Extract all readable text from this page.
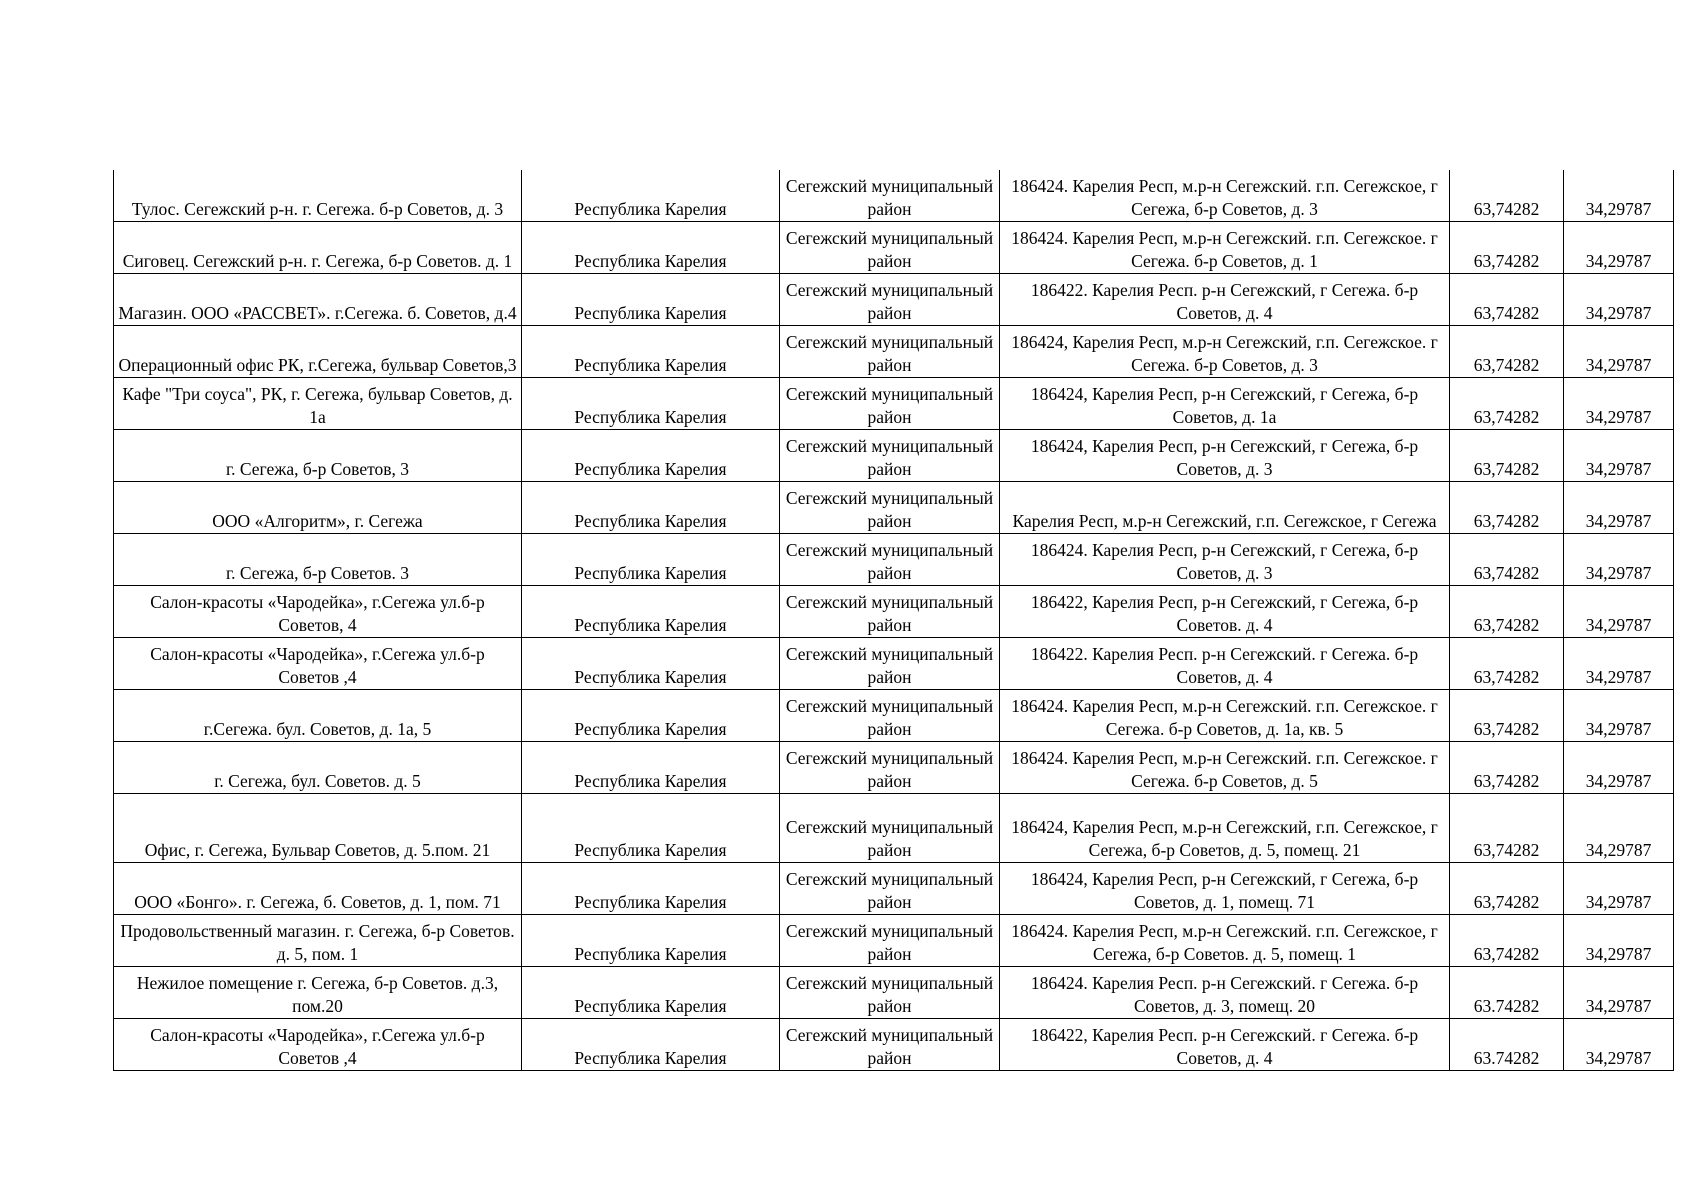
Тулос. Сегежский р-н. г. Сегежа. б-р Советов, д. 3	Республика Карелия	Сегежский муниципальный район	186424. Карелия Респ, м.р-н Сегежский. г.п. Сегежское, г Сегежа, б-р Советов, д. 3	63,74282	34,29787
Сиговец. Сегежский р-н. г. Сегежа, б-р Советов. д. 1	Республика Карелия	Сегежский муниципальный район	186424. Карелия Респ, м.р-н Сегежский. г.п. Сегежское. г Сегежа. б-р Советов, д. 1	63,74282	34,29787
Магазин. ООО «РАССВЕТ». г.Сегежа. б. Советов, д.4	Республика Карелия	Сегежский муниципальный район	186422. Карелия Респ. р-н Сегежский, г Сегежа. б-р Советов, д. 4	63,74282	34,29787
Операционный офис РК, г.Сегежа, бульвар Советов,3	Республика Карелия	Сегежский муниципальный район	186424, Карелия Респ, м.р-н Сегежский, г.п. Сегежское. г Сегежа. б-р Советов, д. 3	63,74282	34,29787
Кафе "Три соуса", РК, г. Сегежа, бульвар Советов, д. 1а	Республика Карелия	Сегежский муниципальный район	186424, Карелия Респ, р-н Сегежский, г Сегежа, б-р Советов, д. 1а	63,74282	34,29787
г. Сегежа, б-р Советов, 3	Республика Карелия	Сегежский муниципальный район	186424, Карелия Респ, р-н Сегежский, г Сегежа, б-р Советов, д. 3	63,74282	34,29787
ООО «Алгоритм», г. Сегежа	Республика Карелия	Сегежский муниципальный район	Карелия Респ, м.р-н Сегежский, г.п. Сегежское, г Сегежа	63,74282	34,29787
г. Сегежа, б-р Советов. 3	Республика Карелия	Сегежский муниципальный район	186424. Карелия Респ, р-н Сегежский, г Сегежа, б-р Советов, д. 3	63,74282	34,29787
Салон-красоты «Чародейка», г.Сегежа ул.б-р Советов, 4	Республика Карелия	Сегежский муниципальный район	186422, Карелия Респ, р-н Сегежский, г Сегежа, б-р Советов. д. 4	63,74282	34,29787
Салон-красоты «Чародейка», г.Сегежа ул.б-р Советов ,4	Республика Карелия	Сегежский муниципальный район	186422. Карелия Респ. р-н Сегежский. г Сегежа. б-р Советов, д. 4	63,74282	34,29787
г.Сегежа. бул. Советов, д. 1а, 5	Республика Карелия	Сегежский муниципальный район	186424. Карелия Респ, м.р-н Сегежский. г.п. Сегежское. г Сегежа. б-р Советов, д. 1а, кв. 5	63,74282	34,29787
г. Сегежа, бул. Советов. д. 5	Республика Карелия	Сегежский муниципальный район	186424. Карелия Респ, м.р-н Сегежский. г.п. Сегежское. г Сегежа. б-р Советов, д. 5	63,74282	34,29787
Офис, г. Сегежа, Бульвар Советов, д. 5.пом. 21	Республика Карелия	Сегежский муниципальный район	186424, Карелия Респ, м.р-н Сегежский, г.п. Сегежское, г Сегежа, б-р Советов, д. 5, помещ. 21	63,74282	34,29787
ООО «Бонго». г. Сегежа, б. Советов, д. 1, пом. 71	Республика Карелия	Сегежский муниципальный район	186424, Карелия Респ, р-н Сегежский, г Сегежа, б-р Советов, д. 1, помещ. 71	63,74282	34,29787
Продовольственный магазин. г. Сегежа, б-р Советов. д. 5, пом. 1	Республика Карелия	Сегежский муниципальный район	186424. Карелия Респ, м.р-н Сегежский. г.п. Сегежское, г Сегежа, б-р Советов. д. 5, помещ. 1	63,74282	34,29787
Нежилое помещение г. Сегежа, б-р Советов. д.3, пом.20	Республика Карелия	Сегежский муниципальный район	186424. Карелия Респ. р-н Сегежский. г Сегежа. б-р Советов, д. 3, помещ. 20	63.74282	34,29787
Салон-красоты «Чародейка», г.Сегежа ул.б-р Советов ,4	Республика Карелия	Сегежский муниципальный район	186422, Карелия Респ. р-н Сегежский. г Сегежа. б-р Советов, д. 4	63.74282	34,29787
